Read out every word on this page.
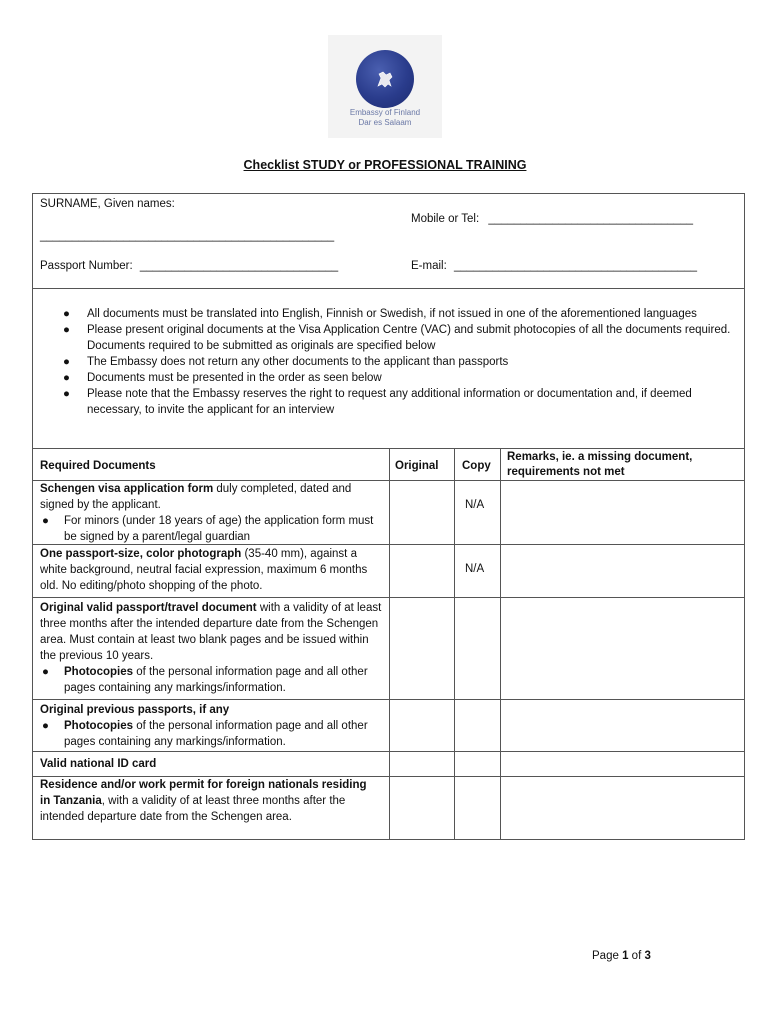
Embassy of Finland
Dar es Salaam
Checklist STUDY or PROFESSIONAL TRAINING
SURNAME, Given names:
______________________________________________
Mobile or Tel: ________________________________
Passport Number: _______________________________	E-mail: ______________________________________
● All documents must be translated into English, Finnish or Swedish, if not issued in one of the aforementioned languages
● Please present original documents at the Visa Application Centre (VAC) and submit photocopies of all the documents required. Documents required to be submitted as originals are specified below
● The Embassy does not return any other documents to the applicant than passports
● Documents must be presented in the order as seen below
● Please note that the Embassy reserves the right to request any additional information or documentation and, if deemed necessary, to invite the applicant for an interview
Required Documents	Original Copy
Remarks, ie. a missing document, requirements not met
Schengen visa application form duly completed, dated and signed by the applicant.
● For minors (under 18 years of age) the application form must be signed by a parent/legal guardian
N/A
One passport-size, color photograph (35-40 mm), against a white background, neutral facial expression, maximum 6 months old. No editing/photo shopping of the photo.
N/A
Original valid passport/travel document with a validity of at least three months after the intended departure date from the Schengen area. Must contain at least two blank pages and be issued within the previous 10 years.
● Photocopies of the personal information page and all other pages containing any markings/information.
Original previous passports, if any
● Photocopies of the personal information page and all other pages containing any markings/information.
Valid national ID card
Residence and/or work permit for foreign nationals residing in Tanzania, with a validity of at least three months after the intended departure date from the Schengen area.
Page 1 of 3
